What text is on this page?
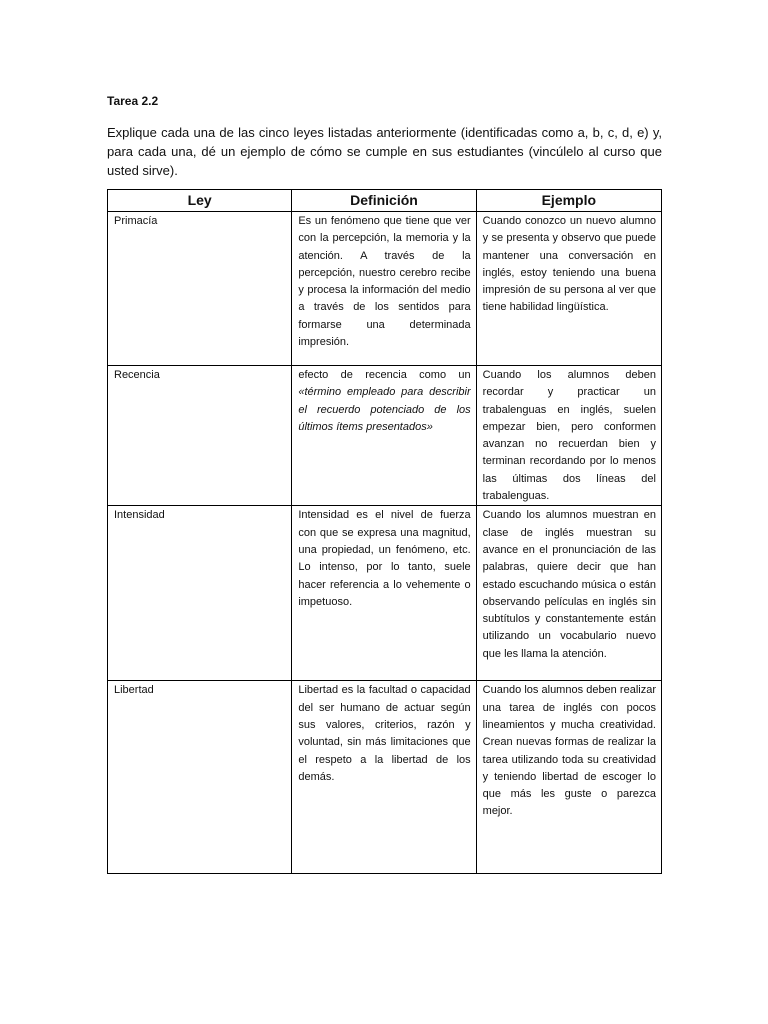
Tarea 2.2

Explique cada una de las cinco leyes listadas anteriormente (identificadas como a, b, c, d, e) y, para cada una, dé un ejemplo de cómo se cumple en sus estudiantes (vincúlelo al curso que usted sirve).

Ley	Definición	Ejemplo
Primacía	Es un fenómeno que tiene que ver con la percepción, la memoria y la atención. A través de la percepción, nuestro cerebro recibe y procesa la información del medio a través de los sentidos para formarse una determinada impresión.	Cuando conozco un nuevo alumno y se presenta y observo que puede mantener una conversación en inglés, estoy teniendo una buena impresión de su persona al ver que tiene habilidad lingüística.
Recencia	efecto de recencia como un «término empleado para describir el recuerdo potenciado de los últimos ítems presentados»	Cuando los alumnos deben recordar y practicar un trabalenguas en inglés, suelen empezar bien, pero conformen avanzan no recuerdan bien y terminan recordando por lo menos las últimas dos líneas del trabalenguas.
Intensidad	Intensidad es el nivel de fuerza con que se expresa una magnitud, una propiedad, un fenómeno, etc. Lo intenso, por lo tanto, suele hacer referencia a lo vehemente o impetuoso.	Cuando los alumnos muestran en clase de inglés muestran su avance en el pronunciación de las palabras, quiere decir que han estado escuchando música o están observando películas en inglés sin subtítulos y constantemente están utilizando un vocabulario nuevo que les llama la atención.
Libertad	Libertad es la facultad o capacidad del ser humano de actuar según sus valores, criterios, razón y voluntad, sin más limitaciones que el respeto a la libertad de los demás.	Cuando los alumnos deben realizar una tarea de inglés con pocos lineamientos y mucha creatividad. Crean nuevas formas de realizar la tarea utilizando toda su creatividad y teniendo libertad de escoger lo que más les guste o parezca mejor.
